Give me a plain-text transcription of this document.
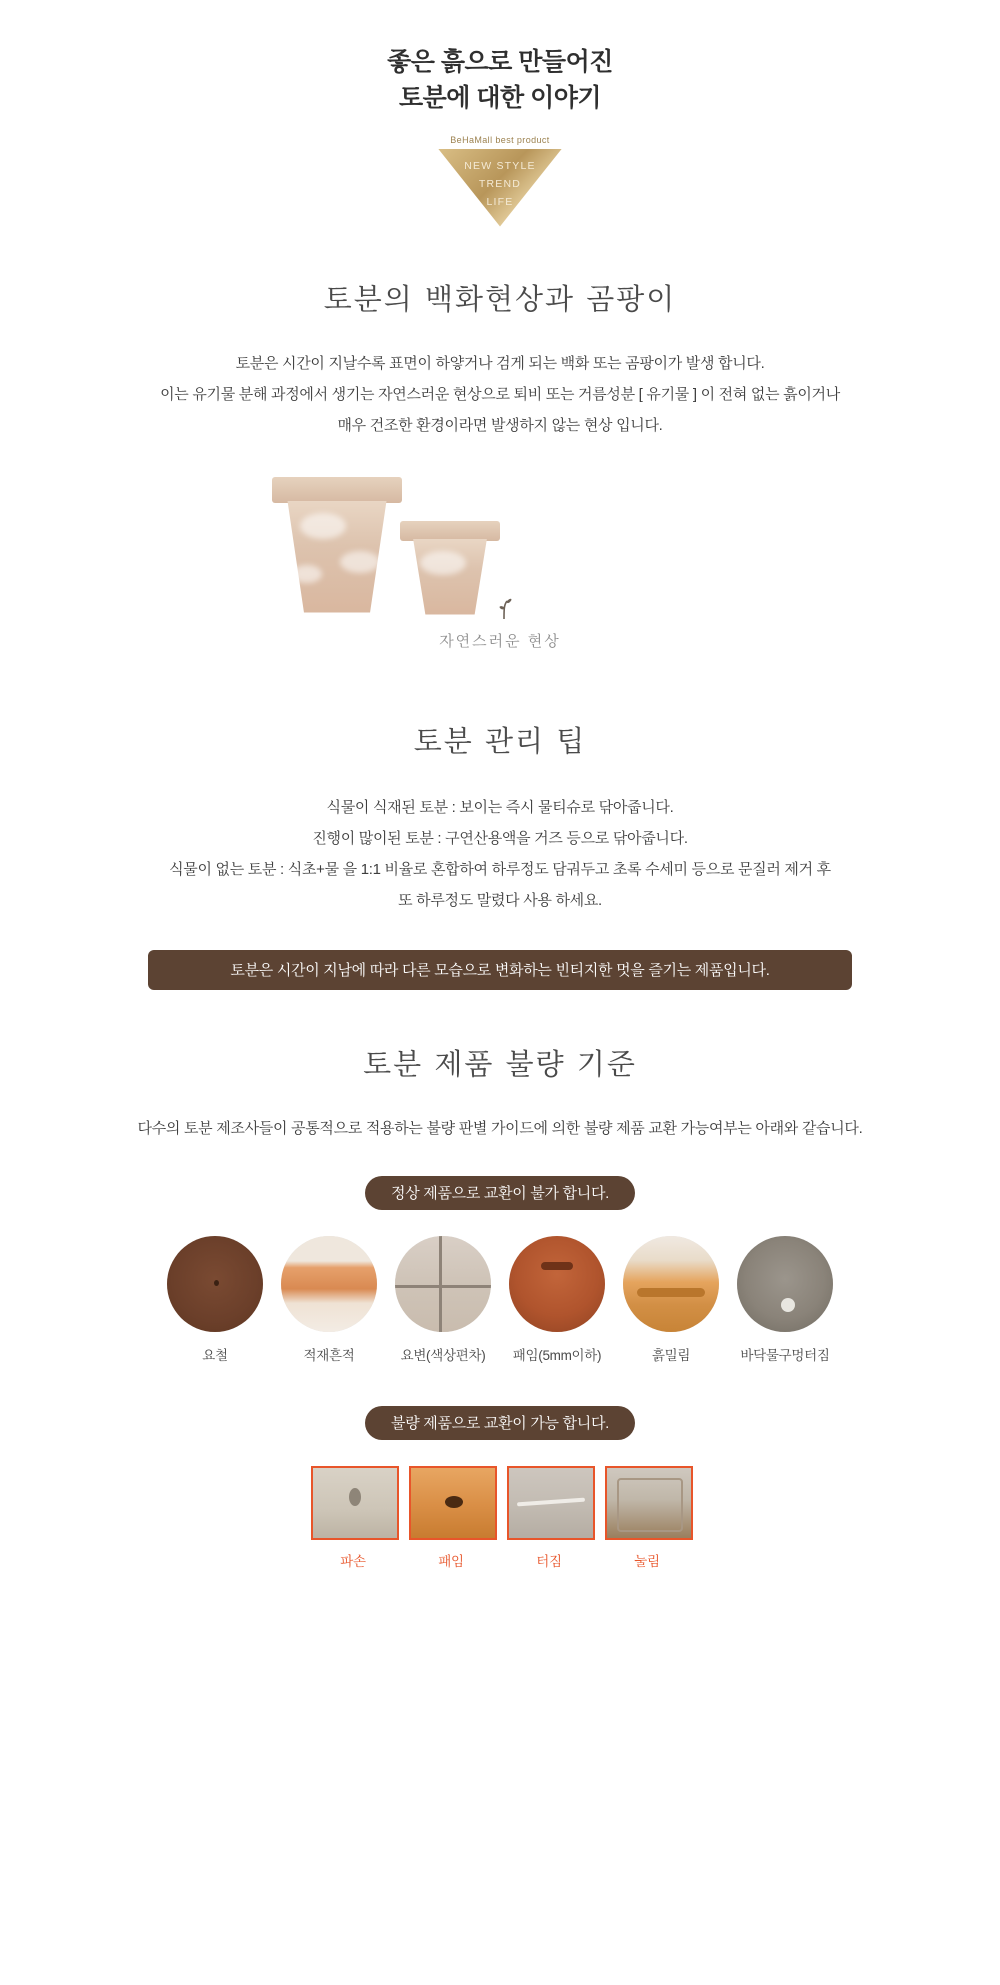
좋은 흙으로 만들어진
토분에 대한 이야기
BeHaMall best product
NEW STYLE
TREND
LIFE
토분의 백화현상과 곰팡이
토분은 시간이 지날수록 표면이 하얗거나 검게 되는 백화 또는 곰팡이가 발생 합니다.
이는 유기물 분해 과정에서 생기는 자연스러운 현상으로 퇴비 또는 거름성분 [ 유기물 ] 이 전혀 없는 흙이거나
매우 건조한 환경이라면 발생하지 않는 현상 입니다.
자연스러운 현상
토분 관리 팁
식물이 식재된 토분 : 보이는 즉시 물티슈로 닦아줍니다.
진행이 많이된 토분 : 구연산용액을 거즈 등으로 닦아줍니다.
식물이 없는 토분 : 식초+물 을 1:1 비율로 혼합하여 하루정도 담궈두고 초록 수세미 등으로 문질러 제거 후
또 하루정도 말렸다 사용 하세요.
토분은 시간이 지남에 따라 다른 모습으로 변화하는 빈티지한 멋을 즐기는 제품입니다.
토분 제품 불량 기준
다수의 토분 제조사들이 공통적으로 적용하는 불량 판별 가이드에 의한 불량 제품 교환 가능여부는 아래와 같습니다.
정상 제품으로 교환이 불가 합니다.
요철	적재흔적	요변(색상편차)	패임(5mm이하)	흙밀림	바닥물구멍터짐
불량 제품으로 교환이 가능 합니다.
파손	패임	터짐	눌림
